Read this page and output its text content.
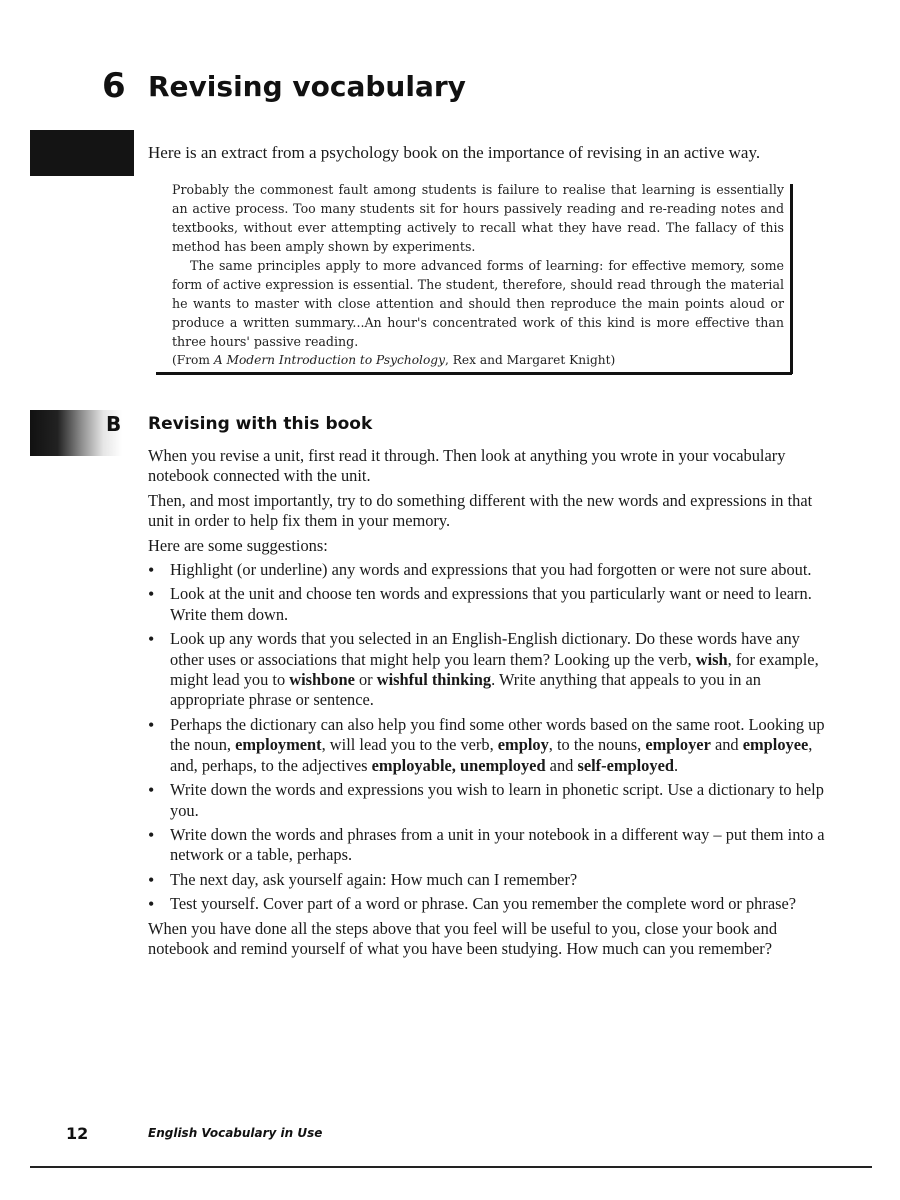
6 Revising vocabulary
Here is an extract from a psychology book on the importance of revising in an active way.

Probably the commonest fault among students is failure to realise that learning is essentially an active process. Too many students sit for hours passively reading and re-reading notes and textbooks, without ever attempting actively to recall what they have read. The fallacy of this method has been amply shown by experiments.

The same principles apply to more advanced forms of learning: for effective memory, some form of active expression is essential. The student, therefore, should read through the material he wants to master with close attention and should then reproduce the main points aloud or produce a written summary...An hour's concentrated work of this kind is more effective than three hours' passive reading.

(From A Modern Introduction to Psychology, Rex and Margaret Knight)

B Revising with this book

When you revise a unit, first read it through. Then look at anything you wrote in your vocabulary notebook connected with the unit.

Then, and most importantly, try to do something different with the new words and expressions in that unit in order to help fix them in your memory.

Here are some suggestions:

• Highlight (or underline) any words and expressions that you had forgotten or were not sure about.
• Look at the unit and choose ten words and expressions that you particularly want or need to learn. Write them down.
• Look up any words that you selected in an English-English dictionary. Do these words have any other uses or associations that might help you learn them? Looking up the verb, wish, for example, might lead you to wishbone or wishful thinking. Write anything that appeals to you in an appropriate phrase or sentence.
• Perhaps the dictionary can also help you find some other words based on the same root. Looking up the noun, employment, will lead you to the verb, employ, to the nouns, employer and employee, and, perhaps, to the adjectives employable, unemployed and self-employed.
• Write down the words and expressions you wish to learn in phonetic script. Use a dictionary to help you.
• Write down the words and phrases from a unit in your notebook in a different way – put them into a network or a table, perhaps.
• The next day, ask yourself again: How much can I remember?
• Test yourself. Cover part of a word or phrase. Can you remember the complete word or phrase?

When you have done all the steps above that you feel will be useful to you, close your book and notebook and remind yourself of what you have been studying. How much can you remember?

12	English Vocabulary in Use
